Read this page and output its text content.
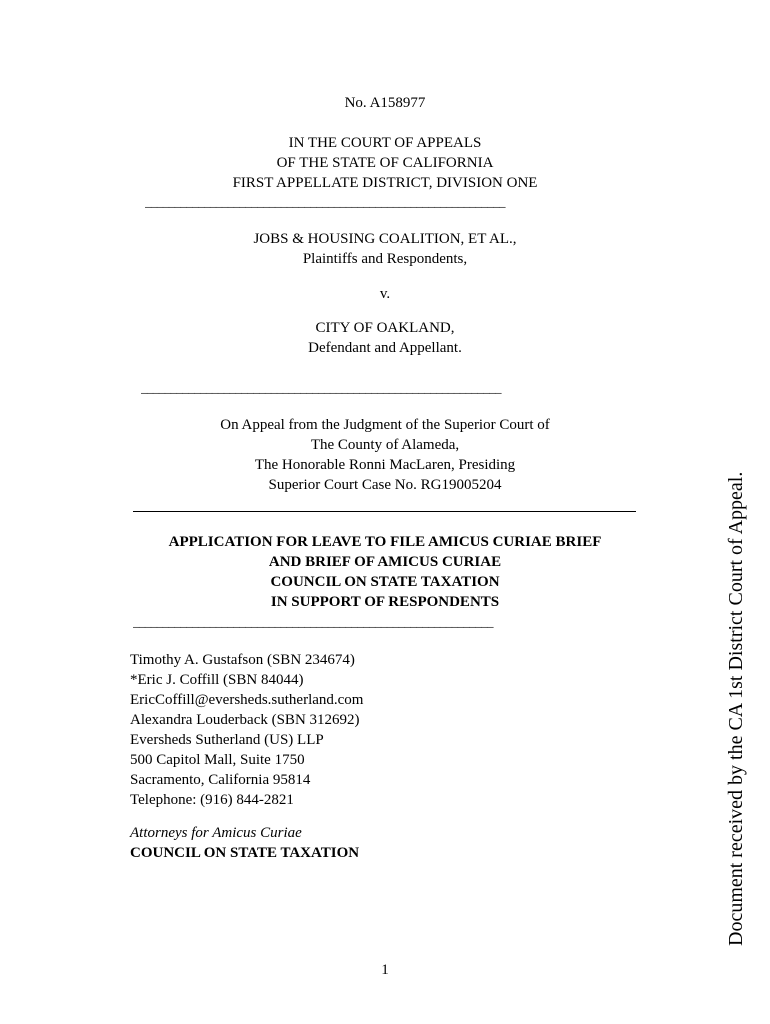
No. A158977
IN THE COURT OF APPEALS
OF THE STATE OF CALIFORNIA
FIRST APPELLATE DISTRICT, DIVISION ONE
_____________________________________________________________
JOBS & HOUSING COALITION, ET AL.,
Plaintiffs and Respondents,
v.
CITY OF OAKLAND,
Defendant and Appellant.
_____________________________________________________________
On Appeal from the Judgment of the Superior Court of
The County of Alameda,
The Honorable Ronni MacLaren, Presiding
Superior Court Case No. RG19005204
APPLICATION FOR LEAVE TO FILE AMICUS CURIAE BRIEF
AND BRIEF OF AMICUS CURIAE
COUNCIL ON STATE TAXATION
IN SUPPORT OF RESPONDENTS
_____________________________________________________________
Timothy A. Gustafson (SBN 234674)
*Eric J. Coffill (SBN 84044)
EricCoffill@eversheds.sutherland.com
Alexandra Louderback (SBN 312692)
Eversheds Sutherland (US) LLP
500 Capitol Mall, Suite 1750
Sacramento, California 95814
Telephone: (916) 844-2821
Attorneys for Amicus Curiae
COUNCIL ON STATE TAXATION	Document received by the CA 1st District Court of Appeal.
1
